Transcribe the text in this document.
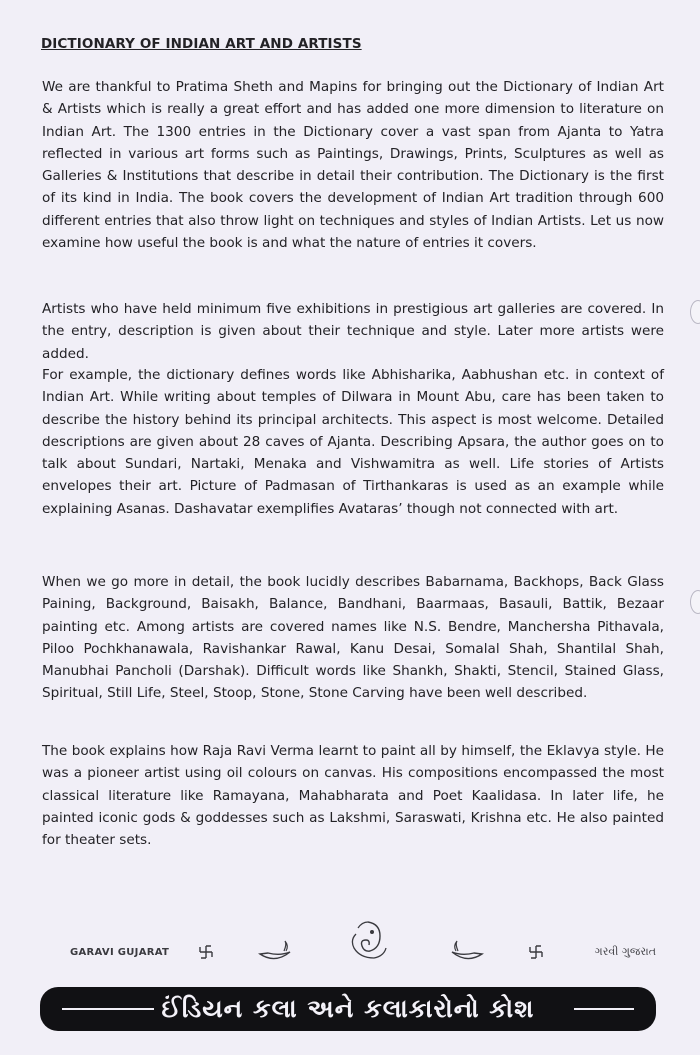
DICTIONARY OF INDIAN ART AND ARTISTS

We are thankful to Pratima Sheth and Mapins for bringing out the Dictionary of Indian Art & Artists which is really a great effort and has added one more dimension to literature on Indian Art. The 1300 entries in the Dictionary cover a vast span from Ajanta to Yatra reflected in various art forms such as Paintings, Drawings, Prints, Sculptures as well as Galleries & Institutions that describe in detail their contribution. The Dictionary is the first of its kind in India. The book covers the development of Indian Art tradition through 600 different entries that also throw light on techniques and styles of Indian Artists. Let us now examine how useful the book is and what the nature of entries it covers.

Artists who have held minimum five exhibitions in prestigious art galleries are covered. In the entry, description is given about their technique and style. Later more artists were added.

For example, the dictionary defines words like Abhisharika, Aabhushan etc. in context of Indian Art. While writing about temples of Dilwara in Mount Abu, care has been taken to describe the history behind its principal architects. This aspect is most welcome. Detailed descriptions are given about 28 caves of Ajanta. Describing Apsara, the author goes on to talk about Sundari, Nartaki, Menaka and Vishwamitra as well. Life stories of Artists envelopes their art. Picture of Padmasan of Tirthankaras is used as an example while explaining Asanas. Dashavatar exemplifies Avataras’ though not connected with art.

When we go more in detail, the book lucidly describes Babarnama, Backhops, Back Glass Paining, Background, Baisakh, Balance, Bandhani, Baarmaas, Basauli, Battik, Bezaar painting etc. Among artists are covered names like N.S. Bendre, Manchersha Pithavala, Piloo Pochkhanawala, Ravishankar Rawal, Kanu Desai, Somalal Shah, Shantilal Shah, Manubhai Pancholi (Darshak). Difficult words like Shankh, Shakti, Stencil, Stained Glass, Spiritual, Still Life, Steel, Stoop, Stone, Stone Carving have been well described.

The book explains how Raja Ravi Verma learnt to paint all by himself, the Eklavya style. He was a pioneer artist using oil colours on canvas. His compositions encompassed the most classical literature like Ramayana, Mahabharata and Poet Kaalidasa. In later life, he painted iconic gods & goddesses such as Lakshmi, Saraswati, Krishna etc. He also painted for theater sets.

GARAVI GUJARAT	ગરવી ગુજરાત
ઈંડિયન કલા અને કલાકારોનો કોશ
